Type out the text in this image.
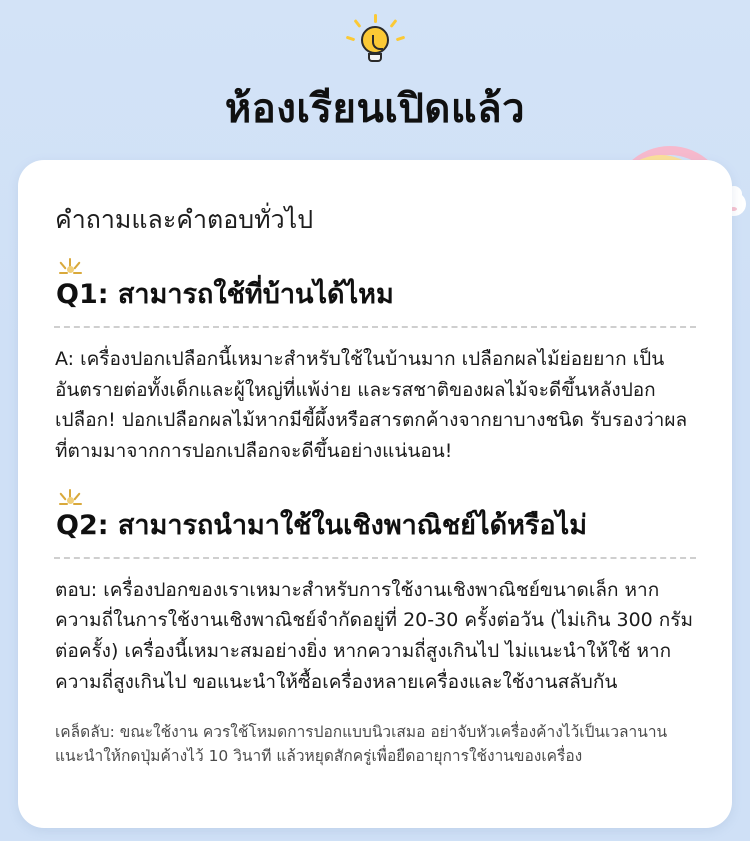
ห้องเรียนเปิดแล้ว
คำถามและคำตอบทั่วไป
Q1: สามารถใช้ที่บ้านได้ไหม
A: เครื่องปอกเปลือกนี้เหมาะสำหรับใช้ในบ้านมาก เปลือกผลไม้ย่อยยาก เป็นอันตรายต่อทั้งเด็กและผู้ใหญ่ที่แพ้ง่าย และรสชาติของผลไม้จะดีขึ้นหลังปอกเปลือก! ปอกเปลือกผลไม้หากมีขี้ผึ้งหรือสารตกค้างจากยาบางชนิด รับรองว่าผลที่ตามมาจากการปอกเปลือกจะดีขึ้นอย่างแน่นอน!
Q2: สามารถนำมาใช้ในเชิงพาณิชย์ได้หรือไม่
ตอบ: เครื่องปอกของเราเหมาะสำหรับการใช้งานเชิงพาณิชย์ขนาดเล็ก หากความถี่ในการใช้งานเชิงพาณิชย์จำกัดอยู่ที่ 20-30 ครั้งต่อวัน (ไม่เกิน 300 กรัมต่อครั้ง) เครื่องนี้เหมาะสมอย่างยิ่ง หากความถี่สูงเกินไป ไม่แนะนำให้ใช้ หากความถี่สูงเกินไป ขอแนะนำให้ซื้อเครื่องหลายเครื่องและใช้งานสลับกัน
เคล็ดลับ: ขณะใช้งาน ควรใช้โหมดการปอกแบบนิวเสมอ อย่าจับหัวเครื่องค้างไว้เป็นเวลานาน แนะนำให้กดปุ่มค้างไว้ 10 วินาที แล้วหยุดสักครู่เพื่อยืดอายุการใช้งานของเครื่อง
